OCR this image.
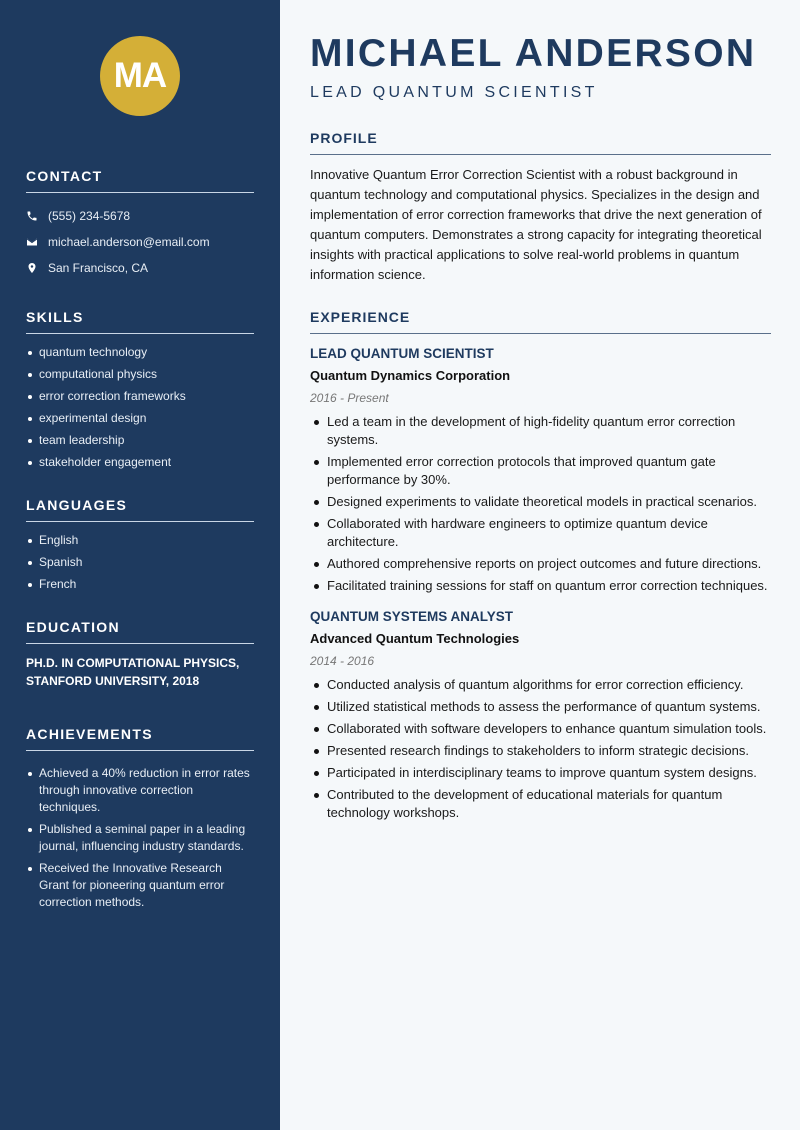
MA
CONTACT
(555) 234-5678
michael.anderson@email.com
San Francisco, CA
SKILLS
quantum technology
computational physics
error correction frameworks
experimental design
team leadership
stakeholder engagement
LANGUAGES
English
Spanish
French
EDUCATION
PH.D. IN COMPUTATIONAL PHYSICS,
STANFORD UNIVERSITY, 2018
ACHIEVEMENTS
Achieved a 40% reduction in error rates through innovative correction techniques.
Published a seminal paper in a leading journal, influencing industry standards.
Received the Innovative Research Grant for pioneering quantum error correction methods.
MICHAEL ANDERSON
LEAD QUANTUM SCIENTIST
PROFILE
Innovative Quantum Error Correction Scientist with a robust background in quantum technology and computational physics. Specializes in the design and implementation of error correction frameworks that drive the next generation of quantum computers. Demonstrates a strong capacity for integrating theoretical insights with practical applications to solve real-world problems in quantum information science.
EXPERIENCE
LEAD QUANTUM SCIENTIST
Quantum Dynamics Corporation
2016 - Present
Led a team in the development of high-fidelity quantum error correction systems.
Implemented error correction protocols that improved quantum gate performance by 30%.
Designed experiments to validate theoretical models in practical scenarios.
Collaborated with hardware engineers to optimize quantum device architecture.
Authored comprehensive reports on project outcomes and future directions.
Facilitated training sessions for staff on quantum error correction techniques.
QUANTUM SYSTEMS ANALYST
Advanced Quantum Technologies
2014 - 2016
Conducted analysis of quantum algorithms for error correction efficiency.
Utilized statistical methods to assess the performance of quantum systems.
Collaborated with software developers to enhance quantum simulation tools.
Presented research findings to stakeholders to inform strategic decisions.
Participated in interdisciplinary teams to improve quantum system designs.
Contributed to the development of educational materials for quantum technology workshops.
